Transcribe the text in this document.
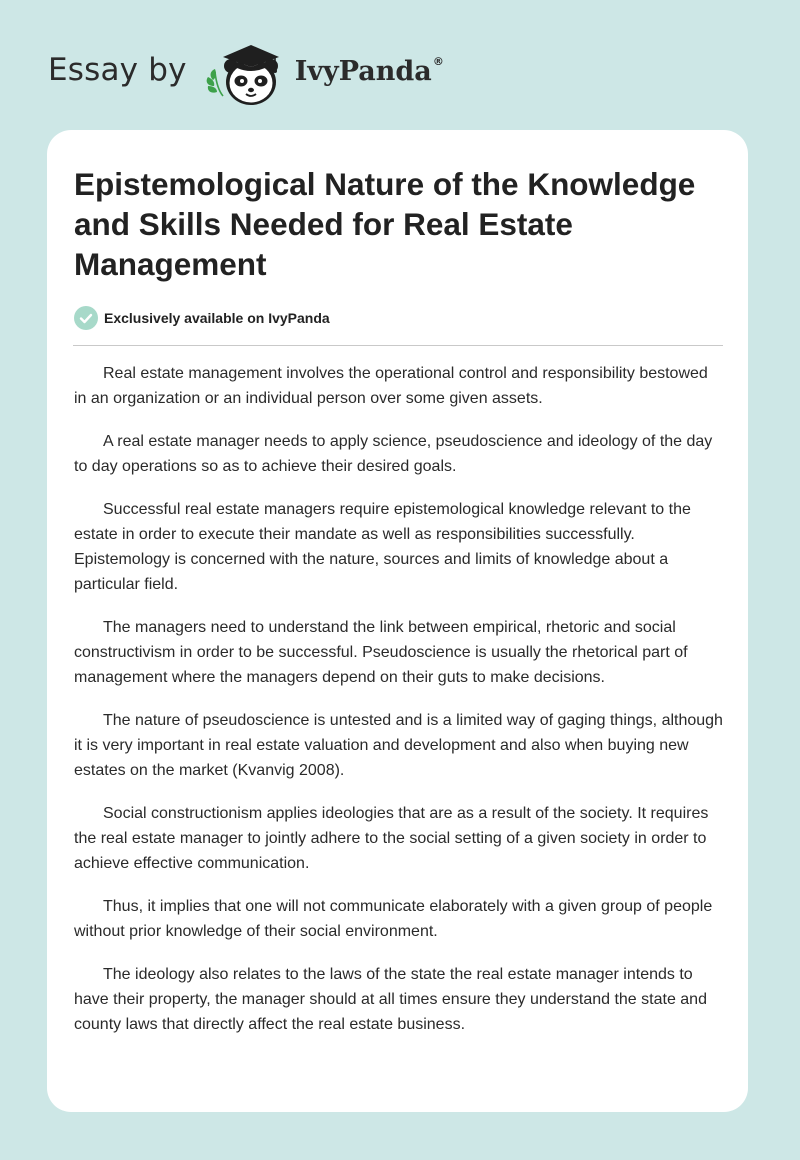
Essay by	IvyPanda ®
Epistemological Nature of the Knowledge and Skills Needed for Real Estate Management
Exclusively available on IvyPanda

Real estate management involves the operational control and responsibility bestowed in an organization or an individual person over some given assets.

A real estate manager needs to apply science, pseudoscience and ideology of the day to day operations so as to achieve their desired goals.

Successful real estate managers require epistemological knowledge relevant to the estate in order to execute their mandate as well as responsibilities successfully. Epistemology is concerned with the nature, sources and limits of knowledge about a particular field.

The managers need to understand the link between empirical, rhetoric and social constructivism in order to be successful. Pseudoscience is usually the rhetorical part of management where the managers depend on their guts to make decisions.

The nature of pseudoscience is untested and is a limited way of gaging things, although it is very important in real estate valuation and development and also when buying new estates on the market (Kvanvig 2008).

Social constructionism applies ideologies that are as a result of the society. It requires the real estate manager to jointly adhere to the social setting of a given society in order to achieve effective communication.

Thus, it implies that one will not communicate elaborately with a given group of people without prior knowledge of their social environment.

The ideology also relates to the laws of the state the real estate manager intends to have their property, the manager should at all times ensure they understand the state and county laws that directly affect the real estate business.
